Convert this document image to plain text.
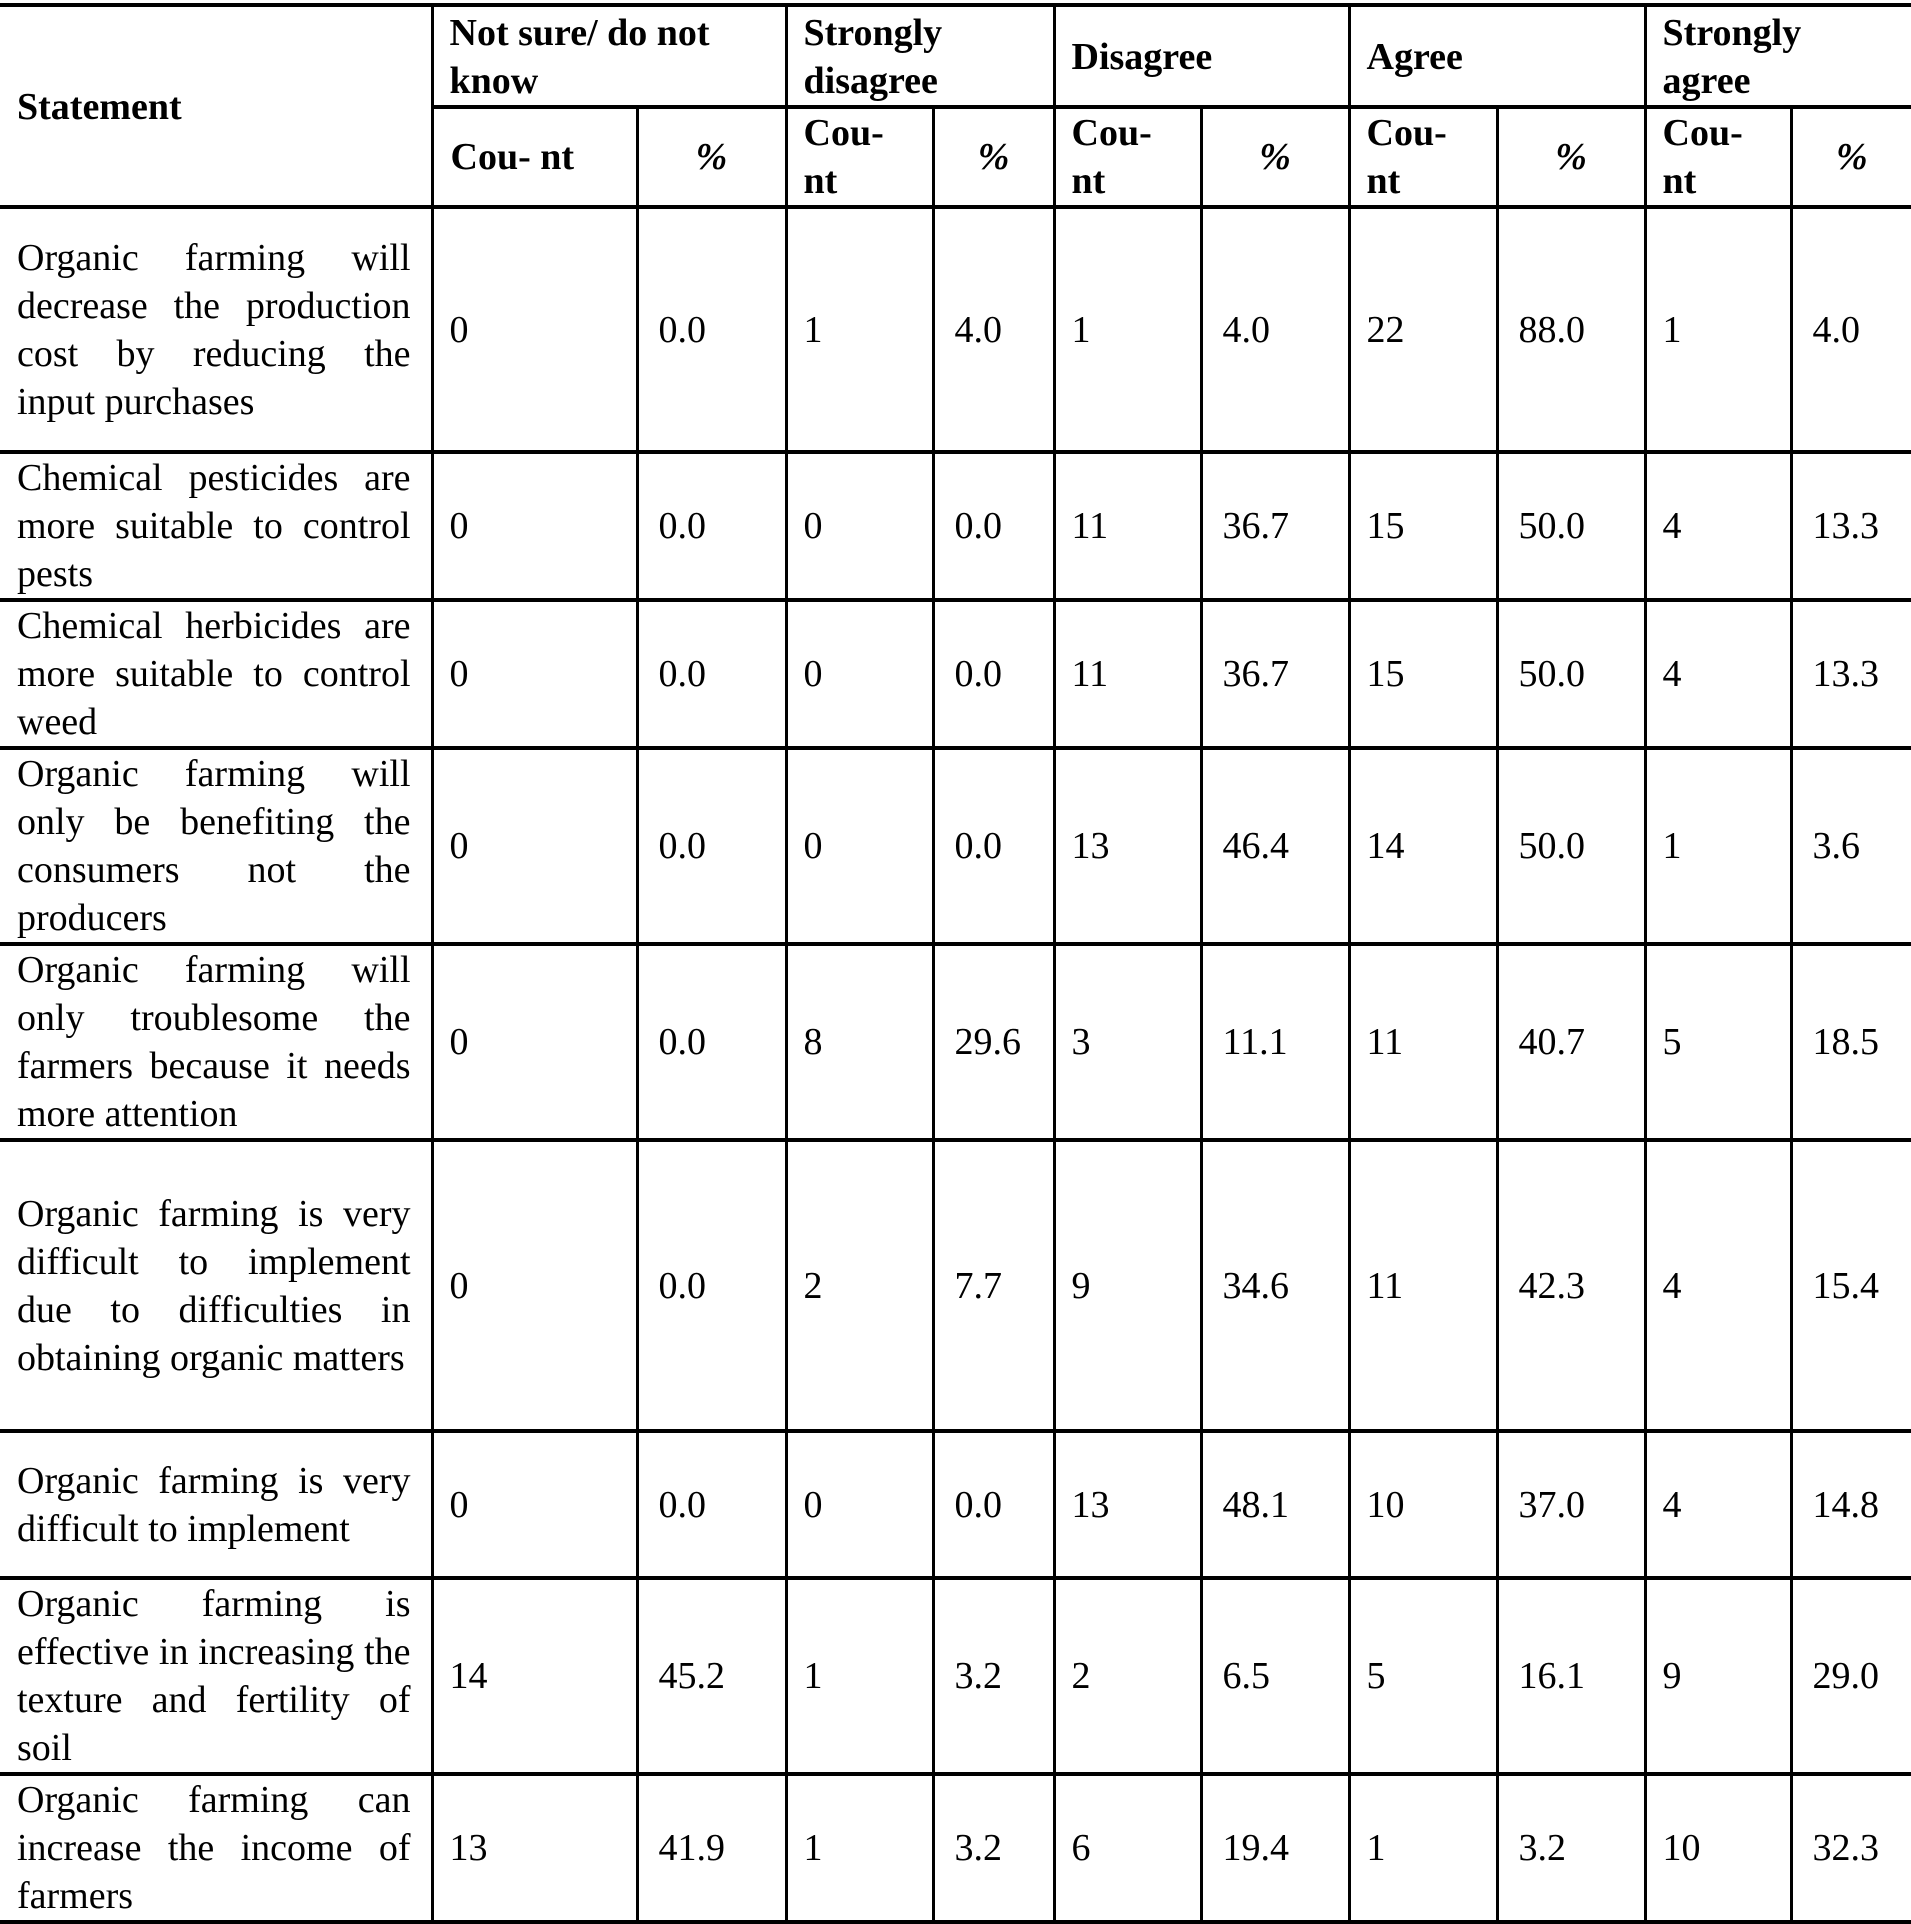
Statement	Not sure/ do not know		Strongly disagree		Disagree		Agree		Strongly agree	
	Cou- nt	%	Cou- nt	%	Cou- nt	%	Cou- nt	%	Cou- nt	%
Organic farming will decrease the production cost by reducing the input purchases	0	0.0	1	4.0	1	4.0	22	88.0	1	4.0
Chemical pesticides are more suitable to control pests	0	0.0	0	0.0	11	36.7	15	50.0	4	13.3
Chemical herbicides are more suitable to control weed	0	0.0	0	0.0	11	36.7	15	50.0	4	13.3
Organic farming will only be benefiting the consumers not the producers	0	0.0	0	0.0	13	46.4	14	50.0	1	3.6
Organic farming will only troublesome the farmers because it needs more attention	0	0.0	8	29.6	3	11.1	11	40.7	5	18.5
Organic farming is very difficult to implement due to difficulties in obtaining organic matters	0	0.0	2	7.7	9	34.6	11	42.3	4	15.4
Organic farming is very difficult to implement	0	0.0	0	0.0	13	48.1	10	37.0	4	14.8
Organic farming is effective in increasing the texture and fertility of soil	14	45.2	1	3.2	2	6.5	5	16.1	9	29.0
Organic farming can increase the income of farmers	13	41.9	1	3.2	6	19.4	1	3.2	10	32.3
